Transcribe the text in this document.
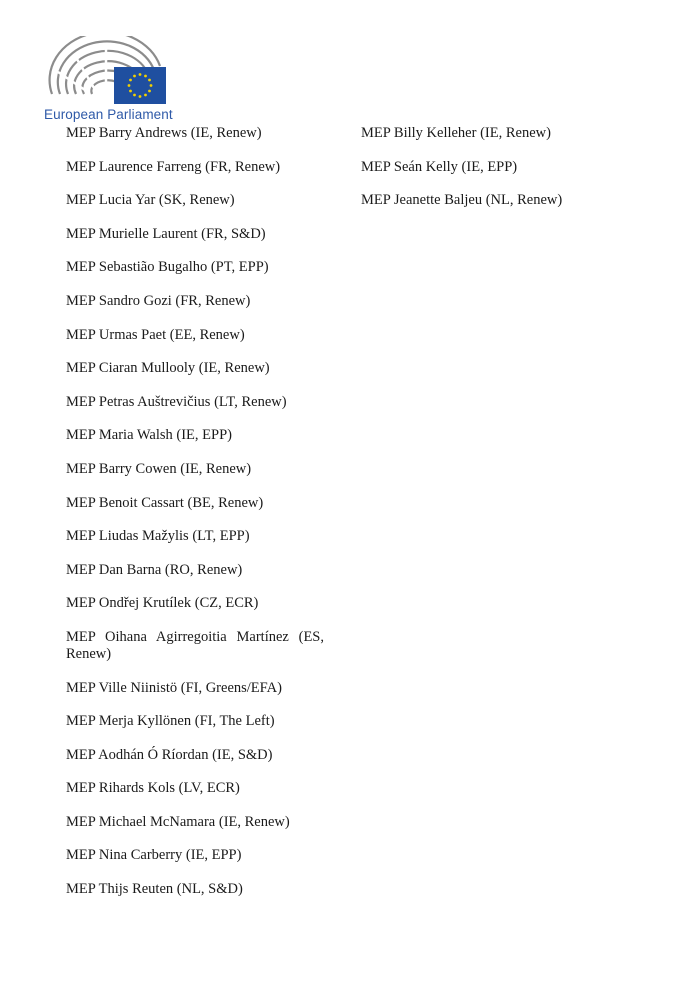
European Parliament
MEP Barry Andrews (IE, Renew)
MEP Laurence Farreng (FR, Renew)
MEP Lucia Yar (SK, Renew)
MEP Murielle Laurent (FR, S&D)
MEP Sebastião Bugalho (PT, EPP)
MEP Sandro Gozi (FR, Renew)
MEP Urmas Paet (EE, Renew)
MEP Ciaran Mullooly (IE, Renew)
MEP Petras Auštrevičius (LT, Renew)
MEP Maria Walsh (IE, EPP)
MEP Barry Cowen (IE, Renew)
MEP Benoit Cassart (BE, Renew)
MEP Liudas Mažylis (LT, EPP)
MEP Dan Barna (RO, Renew)
MEP Ondřej Krutílek (CZ, ECR)
MEP Oihana Agirregoitia Martínez (ES, Renew)
MEP Ville Niinistö (FI, Greens/EFA)
MEP Merja Kyllönen (FI, The Left)
MEP Aodhán Ó Ríordan (IE, S&D)
MEP Rihards Kols (LV, ECR)
MEP Michael McNamara (IE, Renew)
MEP Nina Carberry (IE, EPP)
MEP Thijs Reuten (NL, S&D)
MEP Billy Kelleher (IE, Renew)
MEP Seán Kelly (IE, EPP)
MEP Jeanette Baljeu (NL, Renew)
